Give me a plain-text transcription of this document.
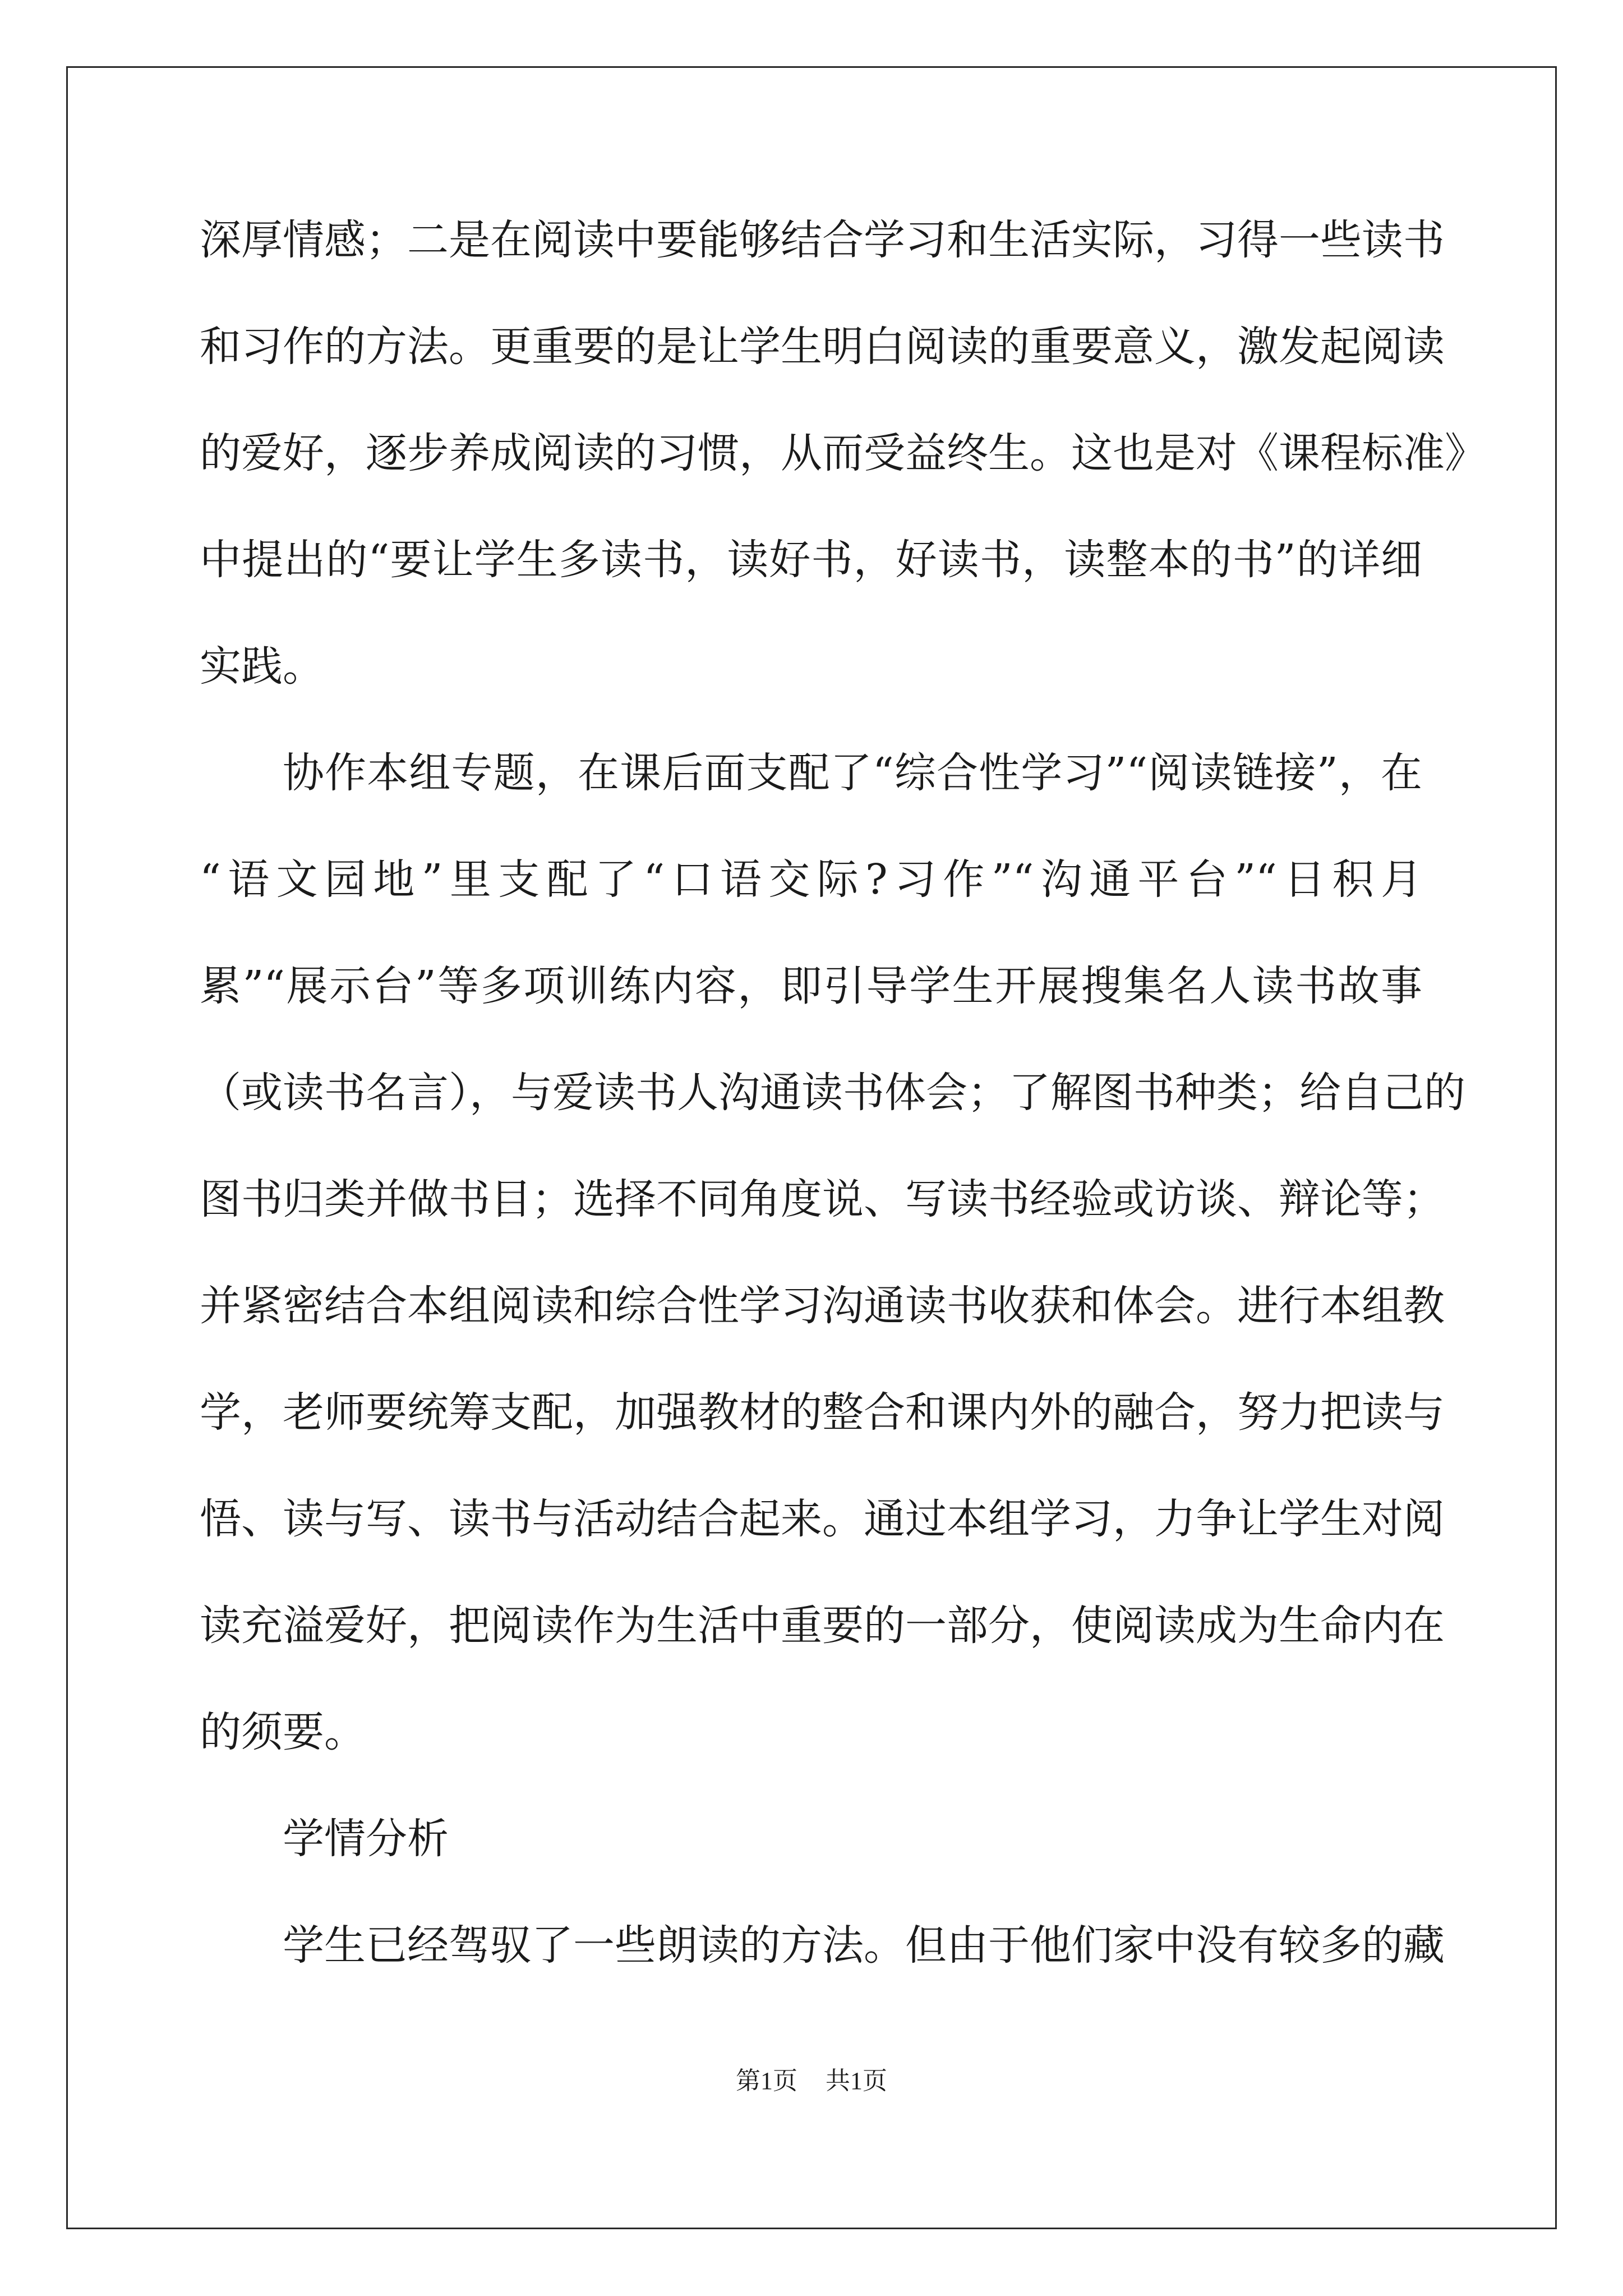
深厚情感；二是在阅读中要能够结合学习和生活实际，习得一些读书
和习作的方法。更重要的是让学生明白阅读的重要意义，激发起阅读
的爱好，逐步养成阅读的习惯，从而受益终生。这也是对《课程标准》
中提出的“要让学生多读书，读好书，好读书，读整本的书”的详细
实践。
协作本组专题，在课后面支配了“综合性学习”“阅读链接”，在
“语文园地”里支配了“口语交际?习作”“沟通平台”“日积月
累”“展示台”等多项训练内容，即引导学生开展搜集名人读书故事
（或读书名言），与爱读书人沟通读书体会；了解图书种类；给自己的
图书归类并做书目；选择不同角度说、写读书经验或访谈、辩论等；
并紧密结合本组阅读和综合性学习沟通读书收获和体会。进行本组教
学，老师要统筹支配，加强教材的整合和课内外的融合，努力把读与
悟、读与写、读书与活动结合起来。通过本组学习，力争让学生对阅
读充溢爱好，把阅读作为生活中重要的一部分，使阅读成为生命内在
的须要。
学情分析
学生已经驾驭了一些朗读的方法。但由于他们家中没有较多的藏
第1页 共1页
